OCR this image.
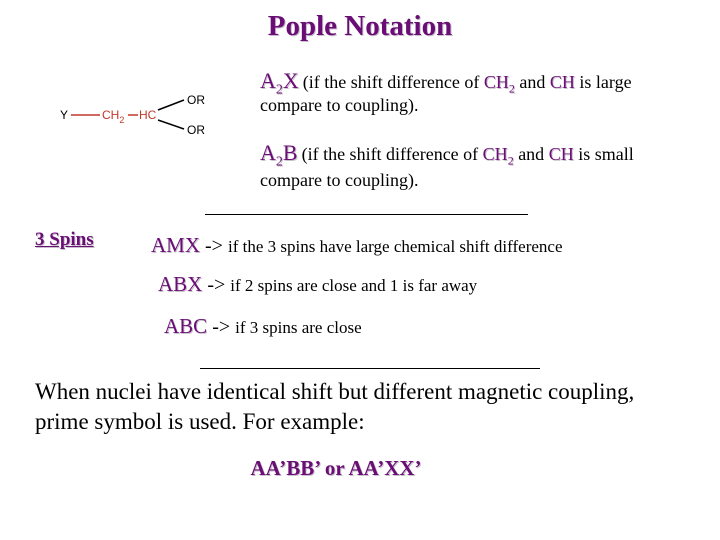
Pople Notation
Y	$CH_2$ HC
OR
OR
$A_2X$ (if the shift difference of $CH_2$ and CH is large
compare to coupling).
$A_2B$ (if the shift difference of $CH_2$ and CH is small
compare to coupling).
3 Spins	AMX -> if the 3 spins have large chemical shift difference
ABX -> if 2 spins are close and 1 is far away
ABC -> if 3 spins are close
When nuclei have identical shift but different magnetic coupling,
prime symbol is used. For example:
AA’BB’ or AA’XX’
